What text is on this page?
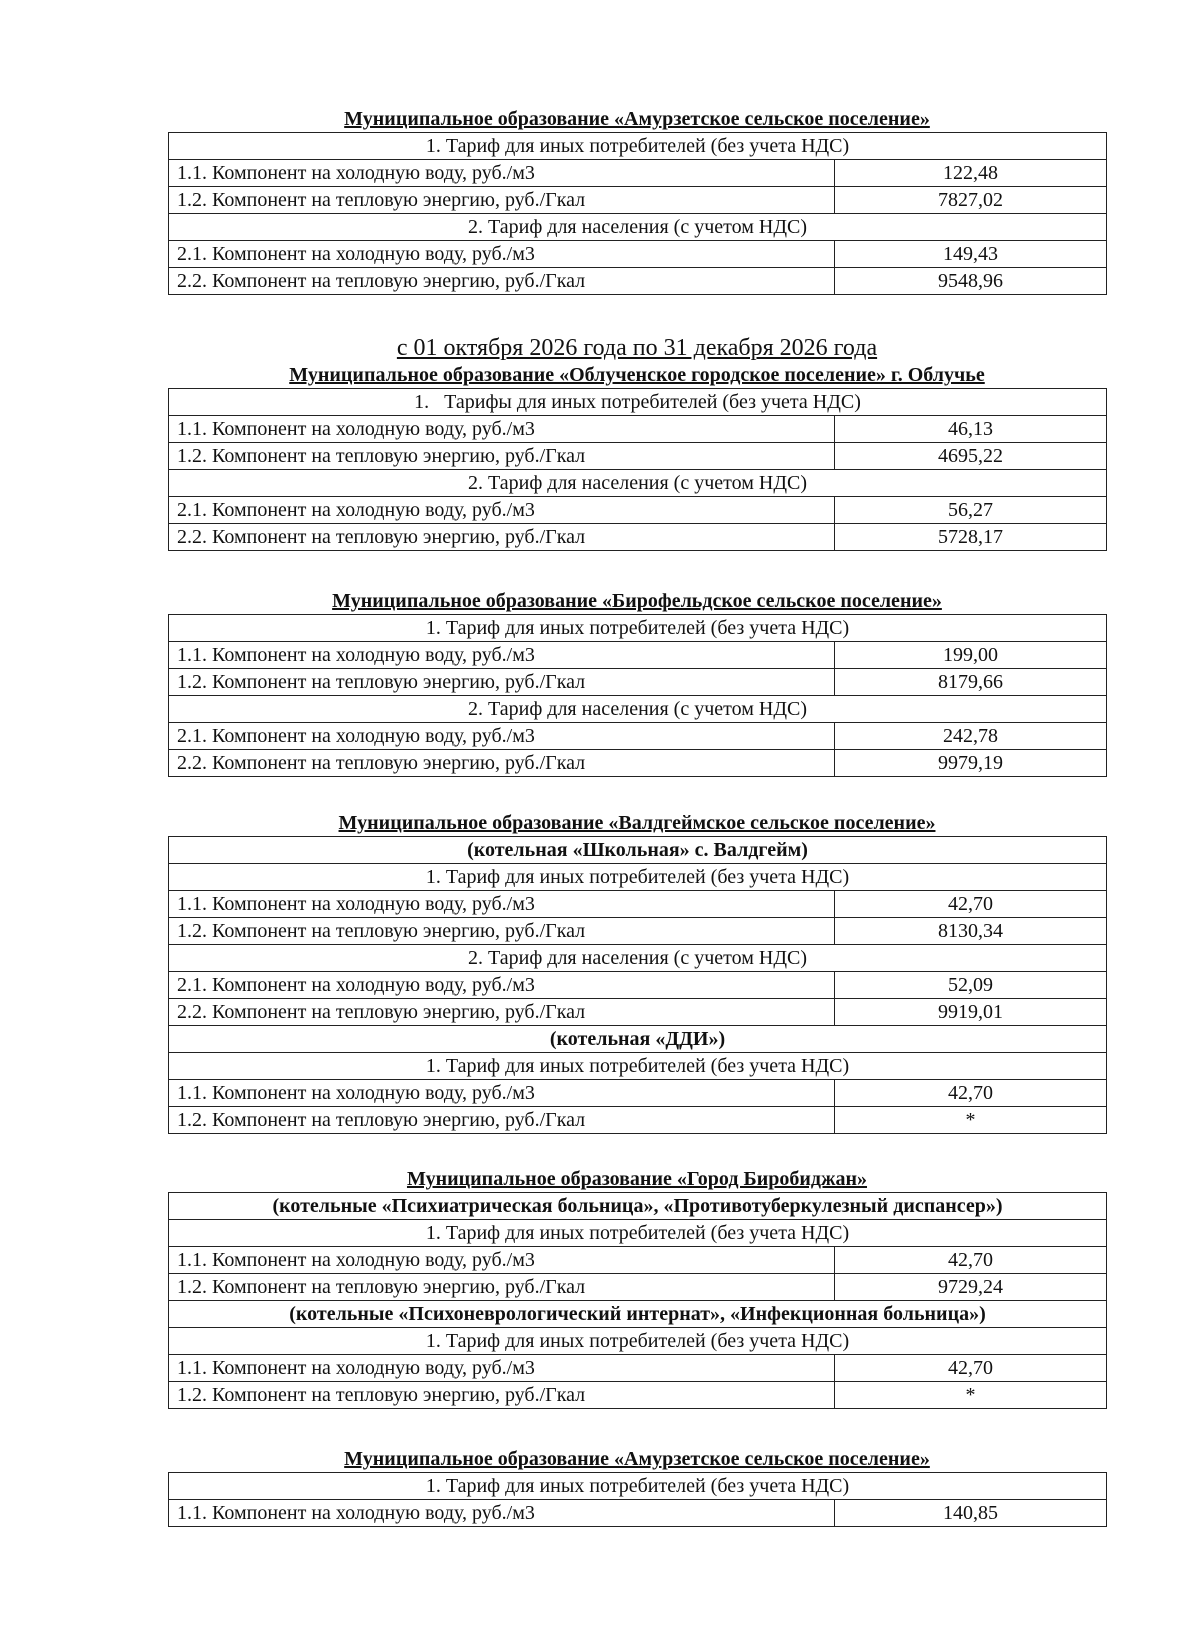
Муниципальное образование «Амурзетское сельское поселение»
1. Тариф для иных потребителей (без учета НДС)	
1.1. Компонент на холодную воду, руб./м3	122,48
1.2. Компонент на тепловую энергию, руб./Гкал	7827,02
2. Тариф для населения (с учетом НДС)	
2.1. Компонент на холодную воду, руб./м3	149,43
2.2. Компонент на тепловую энергию, руб./Гкал	9548,96
с 01 октября 2026 года по 31 декабря 2026 года
Муниципальное образование «Облученское городское поселение» г. Облучье
1.   Тарифы для иных потребителей (без учета НДС)	
1.1. Компонент на холодную воду, руб./м3	46,13
1.2. Компонент на тепловую энергию, руб./Гкал	4695,22
2. Тариф для населения (с учетом НДС)	
2.1. Компонент на холодную воду, руб./м3	56,27
2.2. Компонент на тепловую энергию, руб./Гкал	5728,17
Муниципальное образование «Бирофельдское сельское поселение»
1. Тариф для иных потребителей (без учета НДС)	
1.1. Компонент на холодную воду, руб./м3	199,00
1.2. Компонент на тепловую энергию, руб./Гкал	8179,66
2. Тариф для населения (с учетом НДС)	
2.1. Компонент на холодную воду, руб./м3	242,78
2.2. Компонент на тепловую энергию, руб./Гкал	9979,19
Муниципальное образование «Валдгеймское сельское поселение»
(котельная «Школьная» с. Валдгейм)	
1. Тариф для иных потребителей (без учета НДС)	
1.1. Компонент на холодную воду, руб./м3	42,70
1.2. Компонент на тепловую энергию, руб./Гкал	8130,34
2. Тариф для населения (с учетом НДС)	
2.1. Компонент на холодную воду, руб./м3	52,09
2.2. Компонент на тепловую энергию, руб./Гкал	9919,01
(котельная «ДДИ»)	
1. Тариф для иных потребителей (без учета НДС)	
1.1. Компонент на холодную воду, руб./м3	42,70
1.2. Компонент на тепловую энергию, руб./Гкал	*
Муниципальное образование «Город Биробиджан»
(котельные «Психиатрическая больница», «Противотуберкулезный диспансер»)	
1. Тариф для иных потребителей (без учета НДС)	
1.1. Компонент на холодную воду, руб./м3	42,70
1.2. Компонент на тепловую энергию, руб./Гкал	9729,24
(котельные «Психоневрологический интернат», «Инфекционная больница»)	
1. Тариф для иных потребителей (без учета НДС)	
1.1. Компонент на холодную воду, руб./м3	42,70
1.2. Компонент на тепловую энергию, руб./Гкал	*
Муниципальное образование «Амурзетское сельское поселение»
1. Тариф для иных потребителей (без учета НДС)
1.1. Компонент на холодную воду, руб./м3	140,85
